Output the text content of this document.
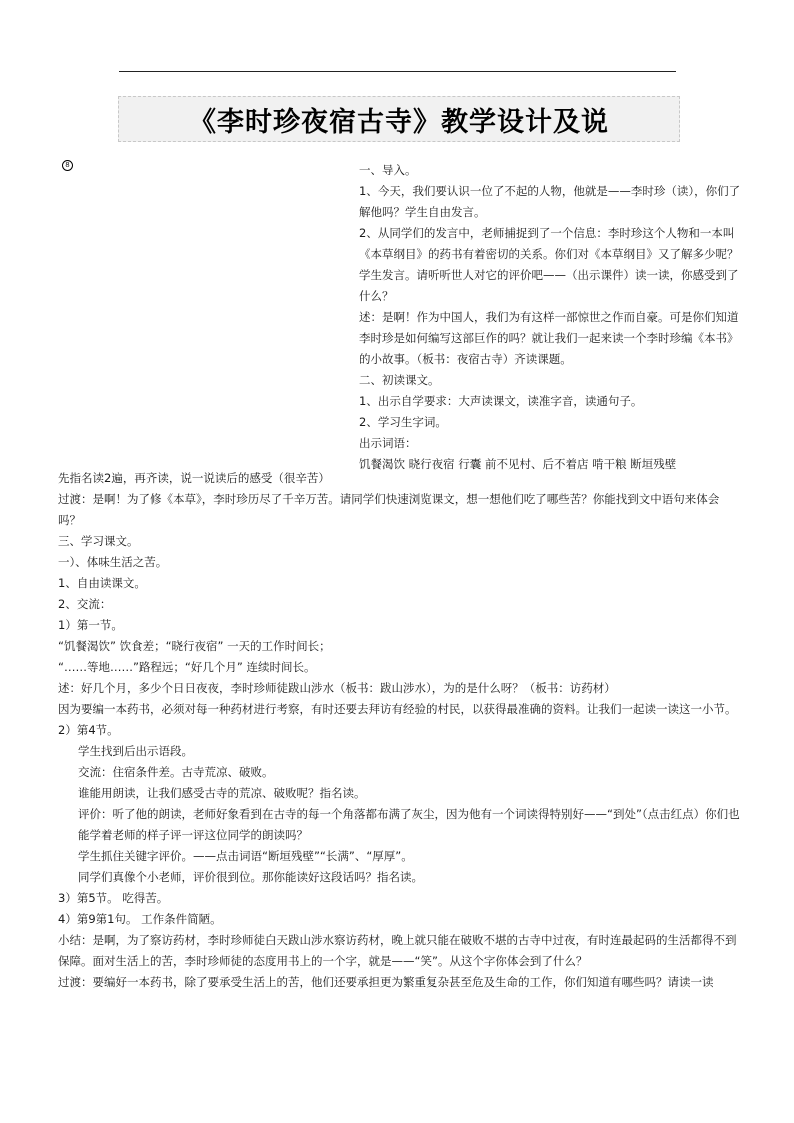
《李时珍夜宿古寺》教学设计及说
8	一、导入。

1、今天，我们要认识一位了不起的人物，他就是——李时珍（读），你们了解他吗？学生自由发言。

2、从同学们的发言中，老师捕捉到了一个信息：李时珍这个人物和一本叫《本草纲目》的药书有着密切的关系。你们对《本草纲目》又了解多少呢？学生发言。请听听世人对它的评价吧——（出示课件）读一读，你感受到了什么？

述：是啊！作为中国人，我们为有这样一部惊世之作而自豪。可是你们知道李时珍是如何编写这部巨作的吗？就让我们一起来读一个李时珍编《本书》的小故事。（板书：夜宿古寺）齐读课题。

二、初读课文。

1、出示自学要求：大声读课文，读准字音，读通句子。

2、学习生字词。

出示词语：

饥餐渴饮 晓行夜宿 行囊 前不见村、后不着店 啃干粮 断垣残壁

先指名读2遍，再齐读，说一说读后的感受（很辛苦）

过渡：是啊！为了修《本草》，李时珍历尽了千辛万苦。请同学们快速浏览课文，想一想他们吃了哪些苦？你能找到文中语句来体会吗？

三、学习课文。

一）、体味生活之苦。

1、自由读课文。

2、交流：

1）第一节。

“饥餐渴饮” 饮食差；“晓行夜宿” 一天的工作时间长；

“……等地……”路程远；“好几个月” 连续时间长。

述：好几个月，多少个日日夜夜，李时珍师徒跋山涉水（板书：跋山涉水），为的是什么呀？（板书：访药材）

因为要编一本药书，必须对每一种药材进行考察，有时还要去拜访有经验的村民，以获得最准确的资料。让我们一起读一读这一小节。

2）第4节。

学生找到后出示语段。

交流：住宿条件差。古寺荒凉、破败。

谁能用朗读，让我们感受古寺的荒凉、破败呢？指名读。

评价：听了他的朗读，老师好象看到在古寺的每一个角落都布满了灰尘，因为他有一个词读得特别好——“到处”（点击红点）你们也能学着老师的样子评一评这位同学的朗读吗？

学生抓住关键字评价。——点击词语“断垣残壁”“长满”、“厚厚”。

同学们真像个小老师，评价很到位。那你能读好这段话吗？指名读。

3）第5节。 吃得苦。

4）第9第1句。 工作条件简陋。

小结：是啊，为了察访药材，李时珍师徒白天跋山涉水察访药材，晚上就只能在破败不堪的古寺中过夜，有时连最起码的生活都得不到保障。面对生活上的苦，李时珍师徒的态度用书上的一个字，就是——“笑”。从这个字你体会到了什么？

过渡：要编好一本药书，除了要承受生活上的苦，他们还要承担更为繁重复杂甚至危及生命的工作，你们知道有哪些吗？请读一读
